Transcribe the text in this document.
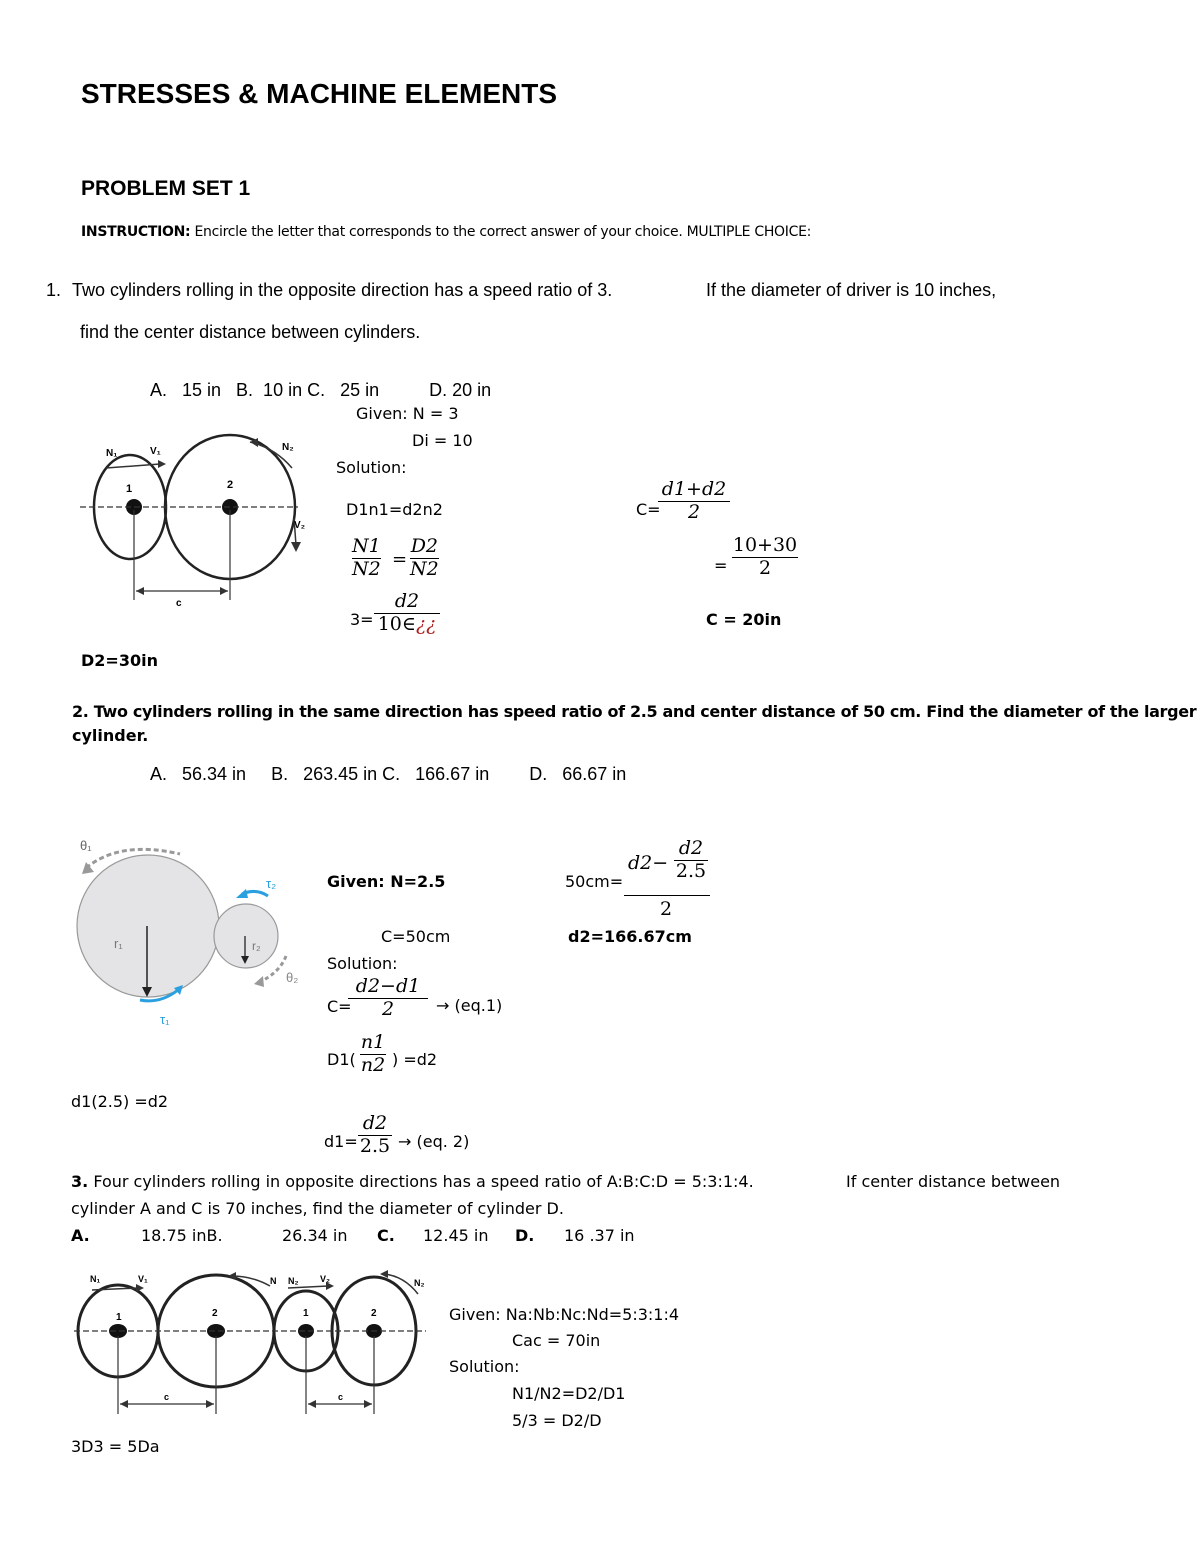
STRESSES & MACHINE ELEMENTS
PROBLEM SET 1
INSTRUCTION: Encircle the letter that corresponds to the correct answer of your choice. MULTIPLE CHOICE:
1. Two cylinders rolling in the opposite direction has a speed ratio of 3.	If the diameter of driver is 10 inches,
find the center distance between cylinders.
A.   15 in   B.  10 in C.   25 in          D. 20 in
N₁	V₁	N₂
V₂
1	2
c
Given: N = 3
Di = 10
Solution:
D1n1=d2n2
N1
N2 =
D2
N2
3=
d2
10∈¿¿
C=
d1+d2
2
=
10+30
2
C = 20in
D2=30in
2. Two cylinders rolling in the same direction has speed ratio of 2.5 and center distance of 50 cm. Find the diameter of the larger
cylinder.
A.   56.34 in     B.   263.45 in C.   166.67 in        D.   66.67 in
θ₁
τ₂
r₁	r₂
θ₂
τ₁
Given: N=2.5
C=50cm
Solution:
C=
d2−d1
2	→ (eq.1)
D1(
n1
n2 ) =d2
d1(2.5) =d2
d1=
d2
2.5 → (eq. 2)
50cm=
d2−
d2
2.5
2
d2=166.67cm
3. Four cylinders rolling in opposite directions has a speed ratio of A:B:C:D = 5:3:1:4.	If center distance between
cylinder A and C is 70 inches, find the diameter of cylinder D.
A.	18.75 inB.	26.34 in C. 12.45 in D. 16 .37 in
N₁	V₁	N N₂ V₂	N₂
1	2	1	2
c	c
Given: Na:Nb:Nc:Nd=5:3:1:4
Cac = 70in
Solution:
N1/N2=D2/D1
5/3 = D2/D
3D3 = 5Da
